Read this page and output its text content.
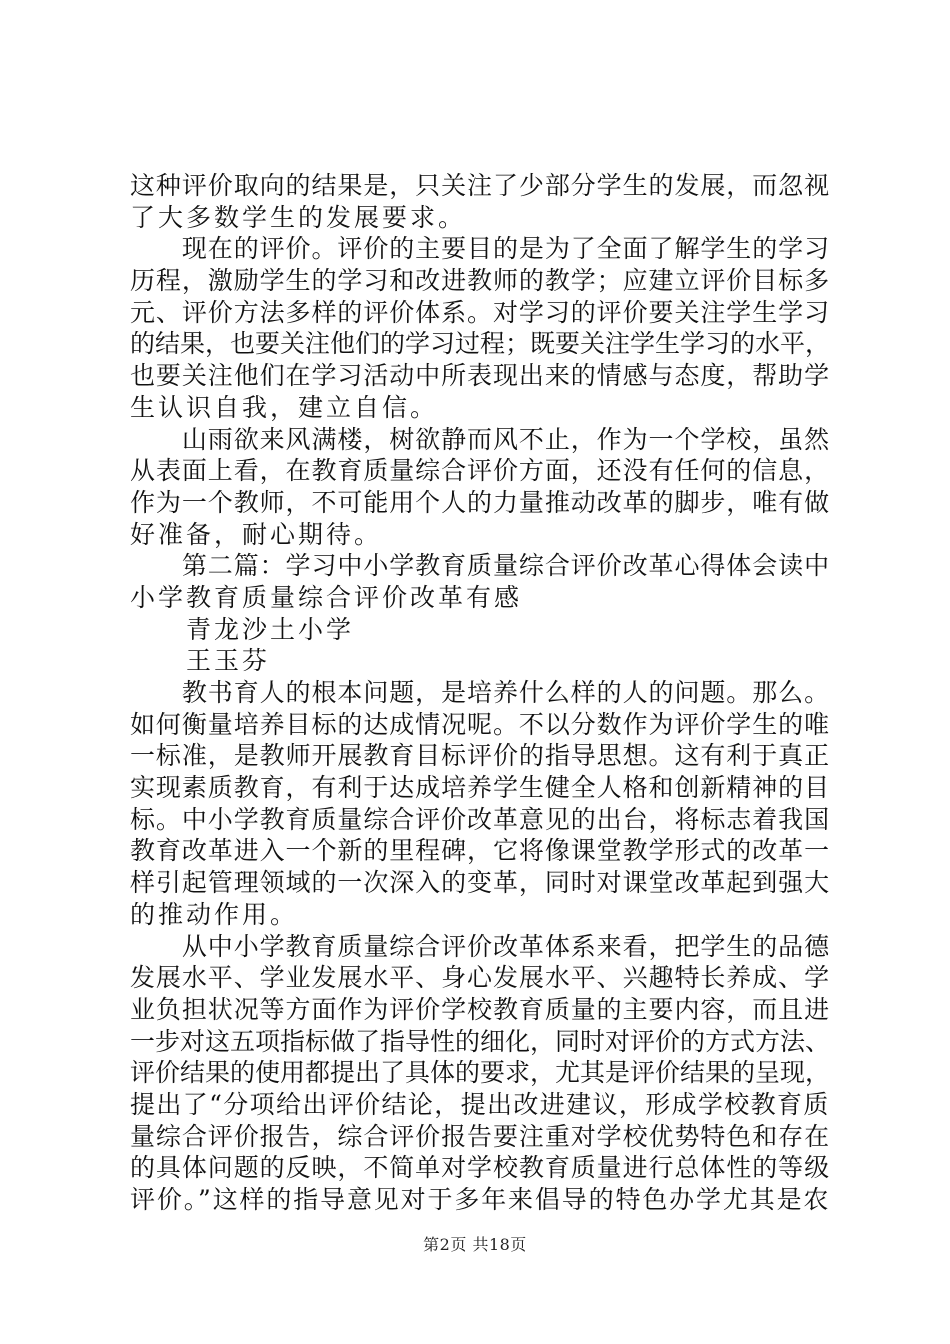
这种评价取向的结果是，只关注了少部分学生的发展，而忽视
了大多数学生的发展要求。
　　现在的评价。评价的主要目的是为了全面了解学生的学习
历程，激励学生的学习和改进教师的教学；应建立评价目标多
元、评价方法多样的评价体系。对学习的评价要关注学生学习
的结果，也要关注他们的学习过程；既要关注学生学习的水平，
也要关注他们在学习活动中所表现出来的情感与态度，帮助学
生认识自我，建立自信。
　　山雨欲来风满楼，树欲静而风不止，作为一个学校，虽然
从表面上看，在教育质量综合评价方面，还没有任何的信息，
作为一个教师，不可能用个人的力量推动改革的脚步，唯有做
好准备，耐心期待。
　　第二篇：学习中小学教育质量综合评价改革心得体会读中
小学教育质量综合评价改革有感
　　青龙沙土小学
　　王玉芬
　　教书育人的根本问题，是培养什么样的人的问题。那么。
如何衡量培养目标的达成情况呢。不以分数作为评价学生的唯
一标准，是教师开展教育目标评价的指导思想。这有利于真正
实现素质教育，有利于达成培养学生健全人格和创新精神的目
标。中小学教育质量综合评价改革意见的出台，将标志着我国
教育改革进入一个新的里程碑，它将像课堂教学形式的改革一
样引起管理领域的一次深入的变革，同时对课堂改革起到强大
的推动作用。
　　从中小学教育质量综合评价改革体系来看，把学生的品德
发展水平、学业发展水平、身心发展水平、兴趣特长养成、学
业负担状况等方面作为评价学校教育质量的主要内容，而且进
一步对这五项指标做了指导性的细化，同时对评价的方式方法、
评价结果的使用都提出了具体的要求，尤其是评价结果的呈现，
提出了“分项给出评价结论，提出改进建议，形成学校教育质
量综合评价报告，综合评价报告要注重对学校优势特色和存在
的具体问题的反映，不简单对学校教育质量进行总体性的等级
评价。”这样的指导意见对于多年来倡导的特色办学尤其是农
第2页 共18页
